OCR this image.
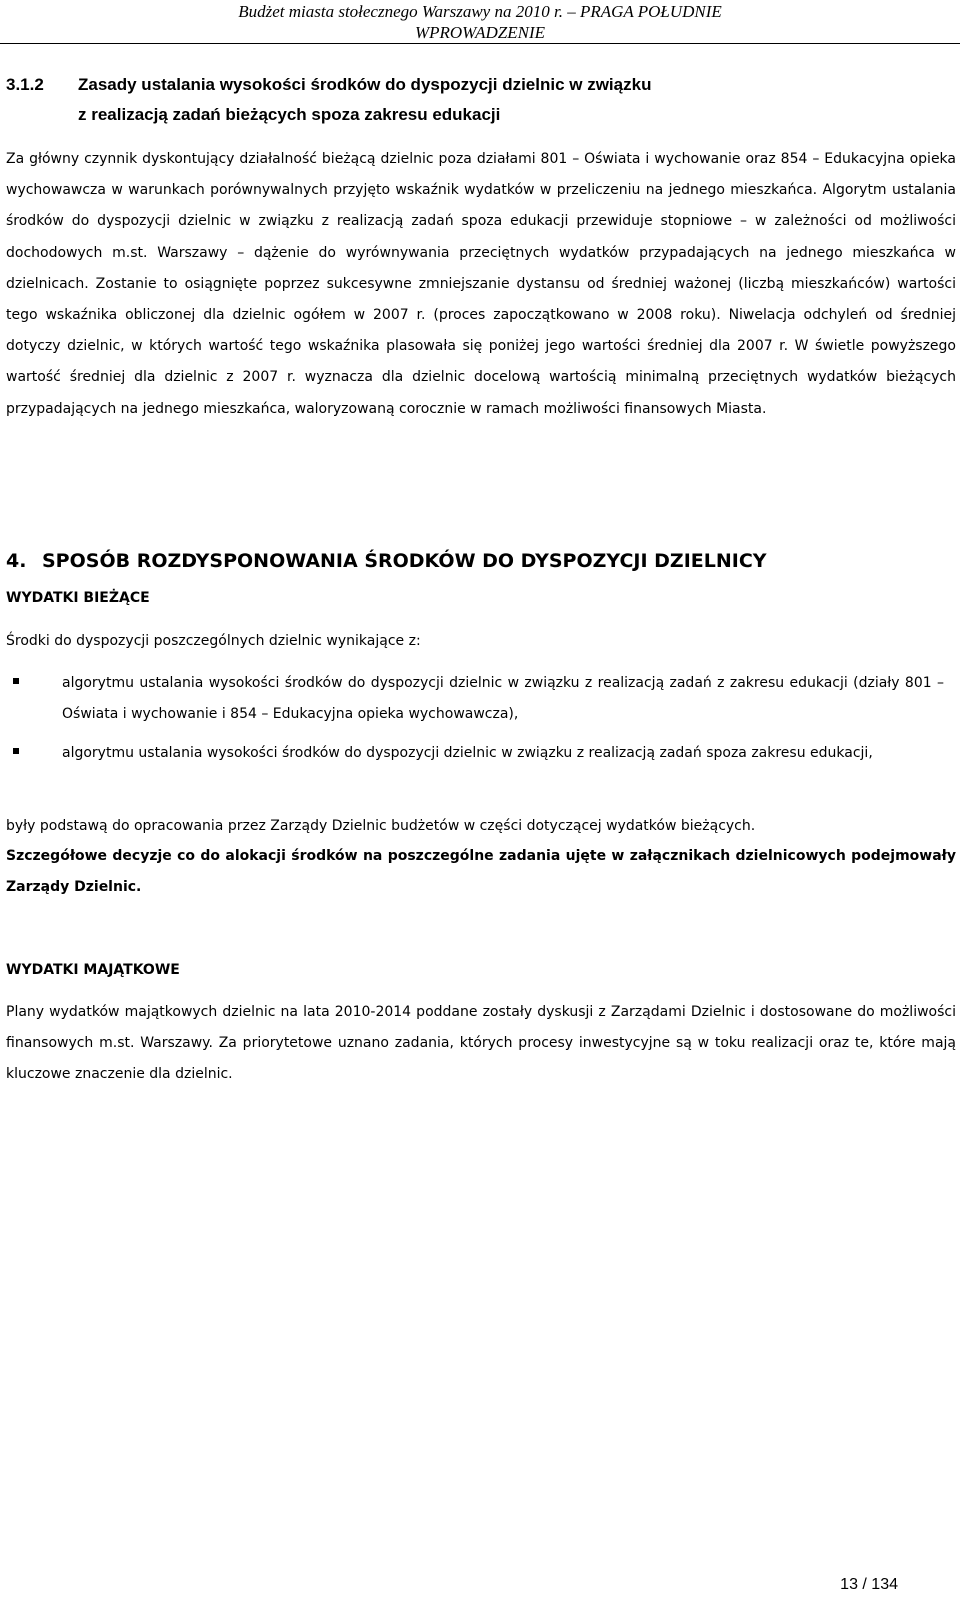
Budżet miasta stołecznego Warszawy na 2010 r. – PRAGA POŁUDNIE
WPROWADZENIE
3.1.2 Zasady ustalania wysokości środków do dyspozycji dzielnic w związku
z realizacją zadań bieżących spoza zakresu edukacji
Za główny czynnik dyskontujący działalność bieżącą dzielnic poza działami 801 – Oświata i wychowanie oraz 854 – Edukacyjna opieka wychowawcza w warunkach porównywalnych przyjęto wskaźnik wydatków w przeliczeniu na jednego mieszkańca. Algorytm ustalania środków do dyspozycji dzielnic w związku z realizacją zadań spoza edukacji przewiduje stopniowe – w zależności od możliwości dochodowych m.st. Warszawy – dążenie do wyrównywania przeciętnych wydatków przypadających na jednego mieszkańca w dzielnicach. Zostanie to osiągnięte poprzez sukcesywne zmniejszanie dystansu od średniej ważonej (liczbą mieszkańców) wartości tego wskaźnika obliczonej dla dzielnic ogółem w 2007 r. (proces zapoczątkowano w 2008 roku). Niwelacja odchyleń od średniej dotyczy dzielnic, w których wartość tego wskaźnika plasowała się poniżej jego wartości średniej dla 2007 r. W świetle powyższego wartość średniej dla dzielnic z 2007 r. wyznacza dla dzielnic docelową wartością minimalną przeciętnych wydatków bieżących przypadających na jednego mieszkańca, waloryzowaną corocznie w ramach możliwości finansowych Miasta.
4. SPOSÓB ROZDYSPONOWANIA ŚRODKÓW DO DYSPOZYCJI DZIELNICY
WYDATKI BIEŻĄCE
Środki do dyspozycji poszczególnych dzielnic wynikające z:
algorytmu ustalania wysokości środków do dyspozycji dzielnic w związku z realizacją zadań z zakresu edukacji (działy 801 – Oświata i wychowanie i 854 – Edukacyjna opieka wychowawcza),
algorytmu ustalania wysokości środków do dyspozycji dzielnic w związku z realizacją zadań spoza zakresu edukacji,
były podstawą do opracowania przez Zarządy Dzielnic budżetów w części dotyczącej wydatków bieżących.
Szczegółowe decyzje co do alokacji środków na poszczególne zadania ujęte w załącznikach dzielnicowych podejmowały Zarządy Dzielnic.
WYDATKI MAJĄTKOWE
Plany wydatków majątkowych dzielnic na lata 2010-2014 poddane zostały dyskusji z Zarządami Dzielnic i dostosowane do możliwości finansowych m.st. Warszawy. Za priorytetowe uznano zadania, których procesy inwestycyjne są w toku realizacji oraz te, które mają kluczowe znaczenie dla dzielnic.
13 / 134
